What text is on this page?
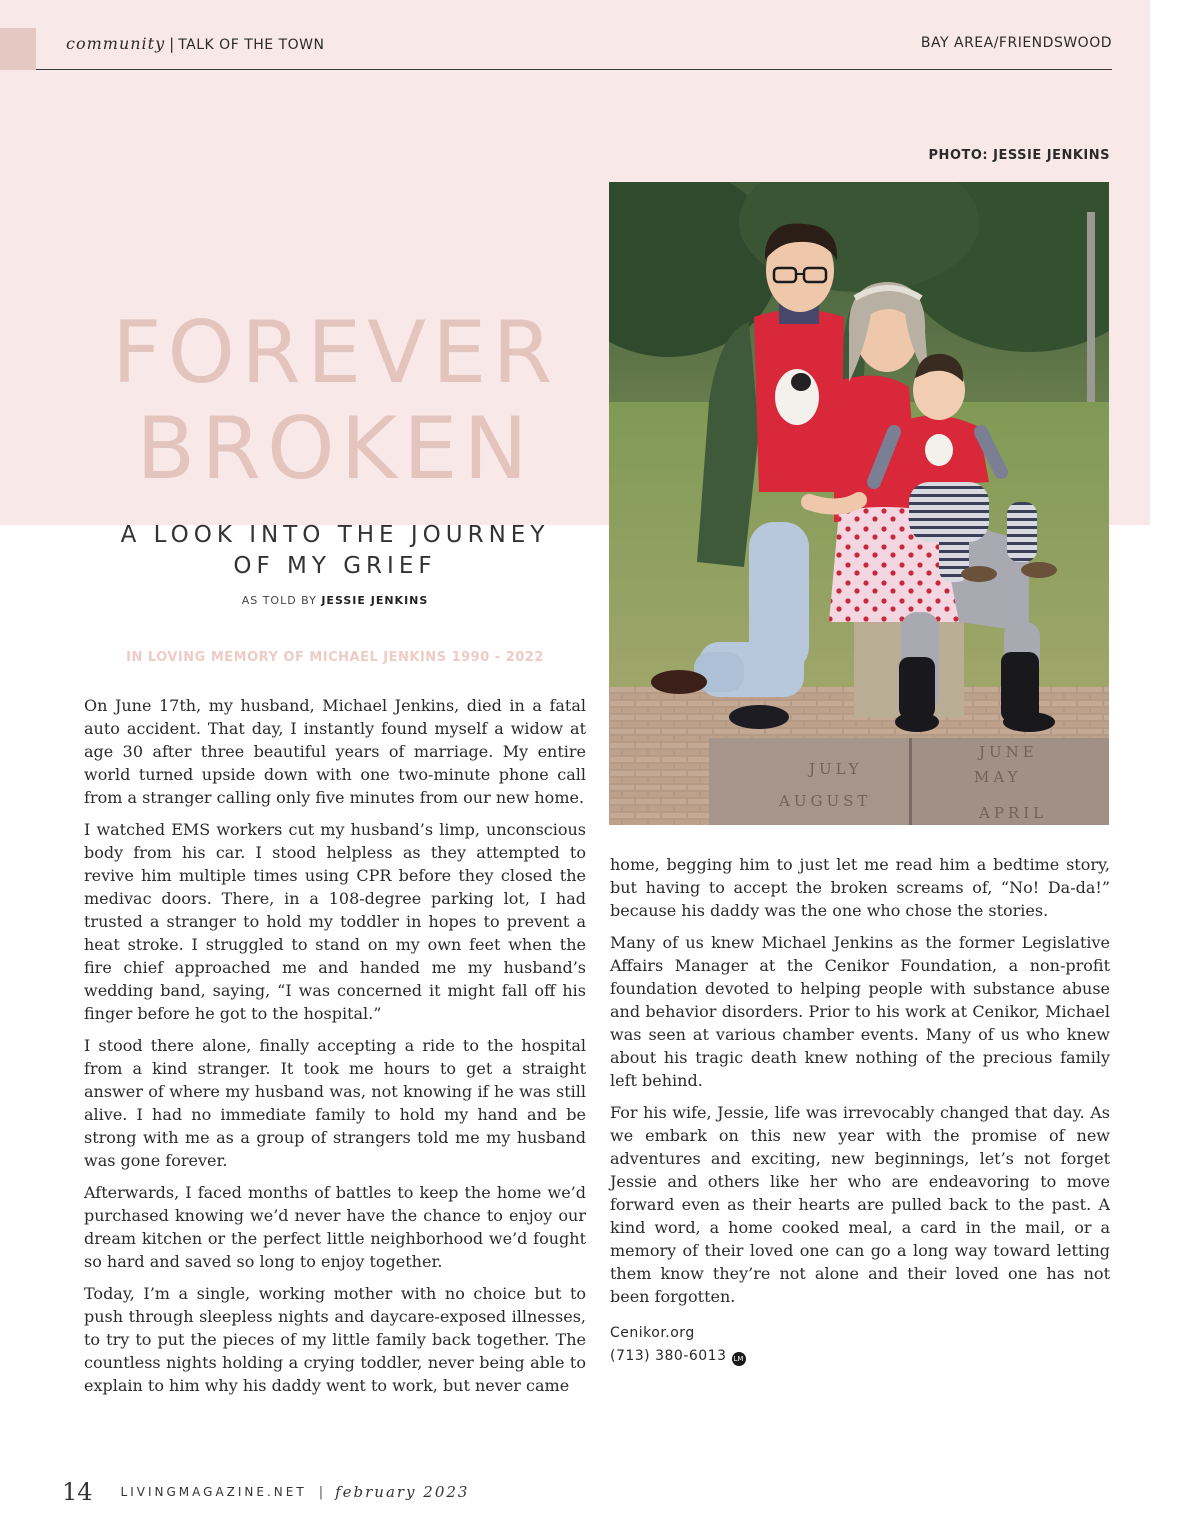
community | TALK OF THE TOWN	BAY AREA/FRIENDSWOOD
PHOTO: JESSIE JENKINS
JULY
AUGUST
JUNE
MAY
APRIL
FOREVER
BROKEN
A LOOK INTO THE JOURNEY
OF MY GRIEF
AS TOLD BY JESSIE JENKINS
IN LOVING MEMORY OF MICHAEL JENKINS 1990 - 2022

On June 17th, my husband, Michael Jenkins, died in a fatal auto accident. That day, I instantly found myself a widow at age 30 after three beautiful years of marriage. My entire world turned upside down with one two-minute phone call from a stranger calling only five minutes from our new home.

I watched EMS workers cut my husband’s limp, unconscious body from his car. I stood helpless as they attempted to revive him multiple times using CPR before they closed the medivac doors. There, in a 108-degree parking lot, I had trusted a stranger to hold my toddler in hopes to prevent a heat stroke. I struggled to stand on my own feet when the fire chief approached me and handed me my husband’s wedding band, saying, “I was concerned it might fall off his finger before he got to the hospital.”

I stood there alone, finally accepting a ride to the hospital from a kind stranger. It took me hours to get a straight answer of where my husband was, not knowing if he was still alive. I had no immediate family to hold my hand and be strong with me as a group of strangers told me my husband was gone forever.

Afterwards, I faced months of battles to keep the home we’d purchased knowing we’d never have the chance to enjoy our dream kitchen or the perfect little neighborhood we’d fought so hard and saved so long to enjoy together.

Today, I’m a single, working mother with no choice but to push through sleepless nights and daycare-exposed illnesses, to try to put the pieces of my little family back together. The countless nights holding a crying toddler, never being able to explain to him why his daddy went to work, but never came

home, begging him to just let me read him a bedtime story, but having to accept the broken screams of, “No! Da-da!” because his daddy was the one who chose the stories.

Many of us knew Michael Jenkins as the former Legislative Affairs Manager at the Cenikor Foundation, a non-profit foundation devoted to helping people with substance abuse and behavior disorders. Prior to his work at Cenikor, Michael was seen at various chamber events. Many of us who knew about his tragic death knew nothing of the precious family left behind.

For his wife, Jessie, life was irrevocably changed that day. As we embark on this new year with the promise of new adventures and exciting, new beginnings, let’s not forget Jessie and others like her who are endeavoring to move forward even as their hearts are pulled back to the past. A kind word, a home cooked meal, a card in the mail, or a memory of their loved one can go a long way toward letting them know they’re not alone and their loved one has not been forgotten.

Cenikor.org
(713) 380-6013 LM
14 LIVINGMAGAZINE.NET | february 2023
